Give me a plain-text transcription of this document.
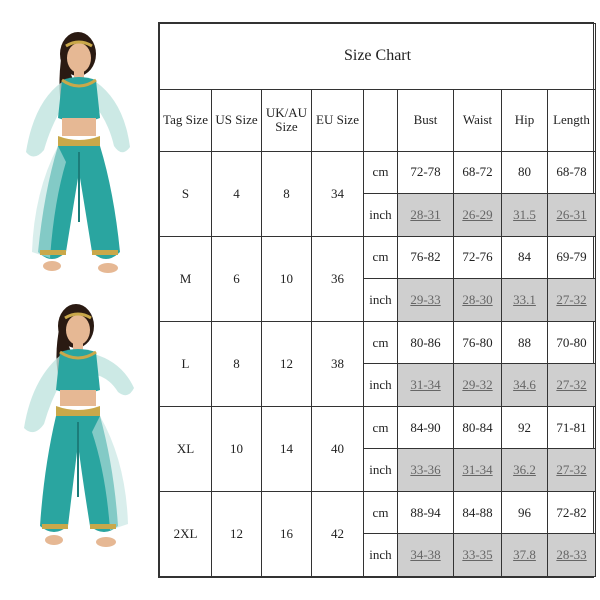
Size Chart								
Tag Size	US Size	UK/AU Size	EU Size		Bust	Waist	Hip	Length
S	4	8	34	cm	72-78	68-72	80	68-78
				inch	28-31	26-29	31.5	26-31
M	6	10	36	cm	76-82	72-76	84	69-79
				inch	29-33	28-30	33.1	27-32
L	8	12	38	cm	80-86	76-80	88	70-80
				inch	31-34	29-32	34.6	27-32
XL	10	14	40	cm	84-90	80-84	92	71-81
				inch	33-36	31-34	36.2	27-32
2XL	12	16	42	cm	88-94	84-88	96	72-82
				inch	34-38	33-35	37.8	28-33
